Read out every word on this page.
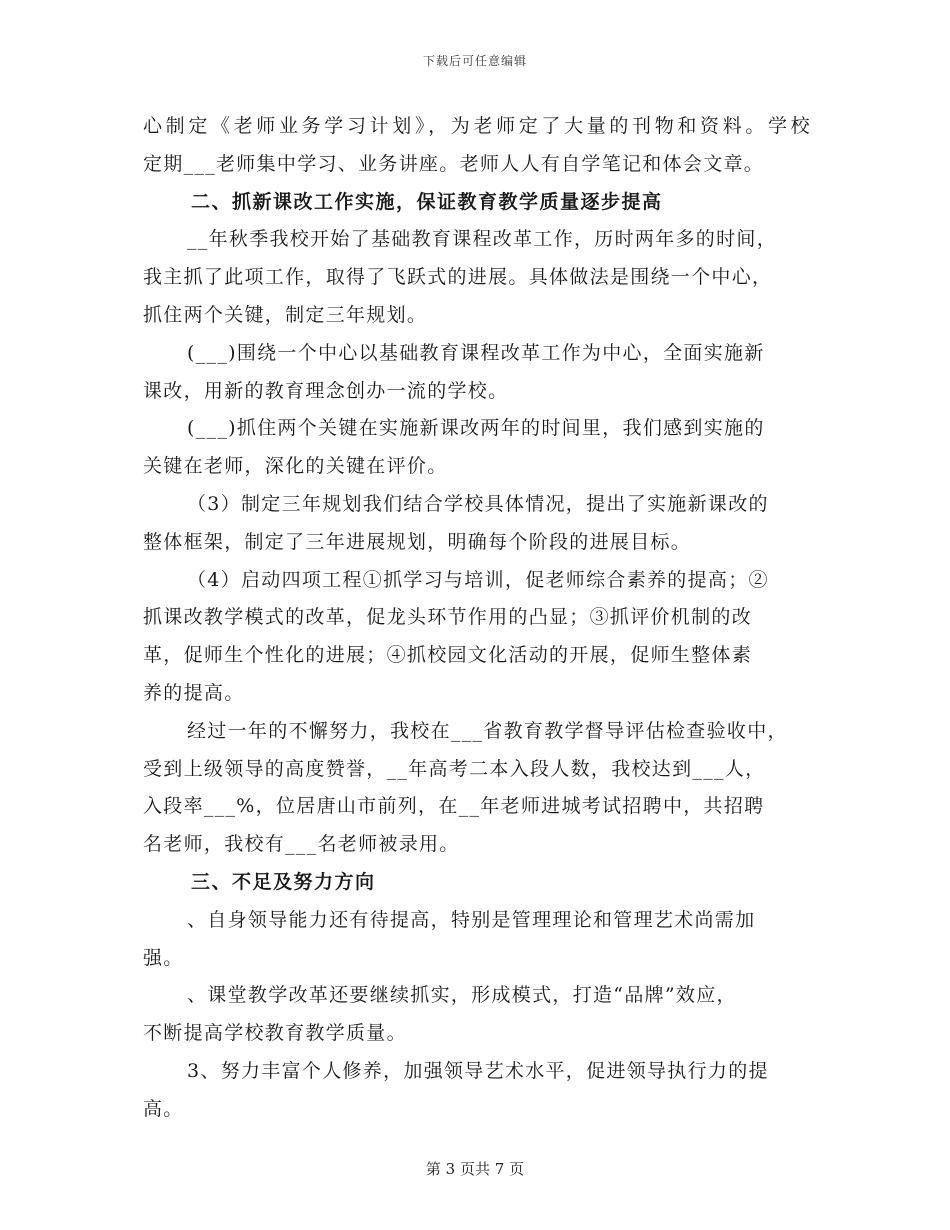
下载后可任意编辑
心制定《老师业务学习计划》，为老师定了大量的刊物和资料。学校
定期___老师集中学习、业务讲座。老师人人有自学笔记和体会文章。
二、抓新课改工作实施，保证教育教学质量逐步提高
__年秋季我校开始了基础教育课程改革工作，历时两年多的时间，
我主抓了此项工作，取得了飞跃式的进展。具体做法是围绕一个中心，
抓住两个关键，制定三年规划。
(___)围绕一个中心以基础教育课程改革工作为中心，全面实施新
课改，用新的教育理念创办一流的学校。
(___)抓住两个关键在实施新课改两年的时间里，我们感到实施的
关键在老师，深化的关键在评价。
（3）制定三年规划我们结合学校具体情况，提出了实施新课改的
整体框架，制定了三年进展规划，明确每个阶段的进展目标。
（4）启动四项工程①抓学习与培训，促老师综合素养的提高；②
抓课改教学模式的改革，促龙头环节作用的凸显；③抓评价机制的改
革，促师生个性化的进展；④抓校园文化活动的开展，促师生整体素
养的提高。
经过一年的不懈努力，我校在___省教育教学督导评估检查验收中，
受到上级领导的高度赞誉，__年高考二本入段人数，我校达到___人，
入段率___%，位居唐山市前列，在__年老师进城考试招聘中，共招聘
名老师，我校有___名老师被录用。
三、不足及努力方向
、自身领导能力还有待提高，特别是管理理论和管理艺术尚需加
强。
、课堂教学改革还要继续抓实，形成模式，打造“品牌”效应，
不断提高学校教育教学质量。
3、努力丰富个人修养，加强领导艺术水平，促进领导执行力的提
高。
第 3 页共 7 页
